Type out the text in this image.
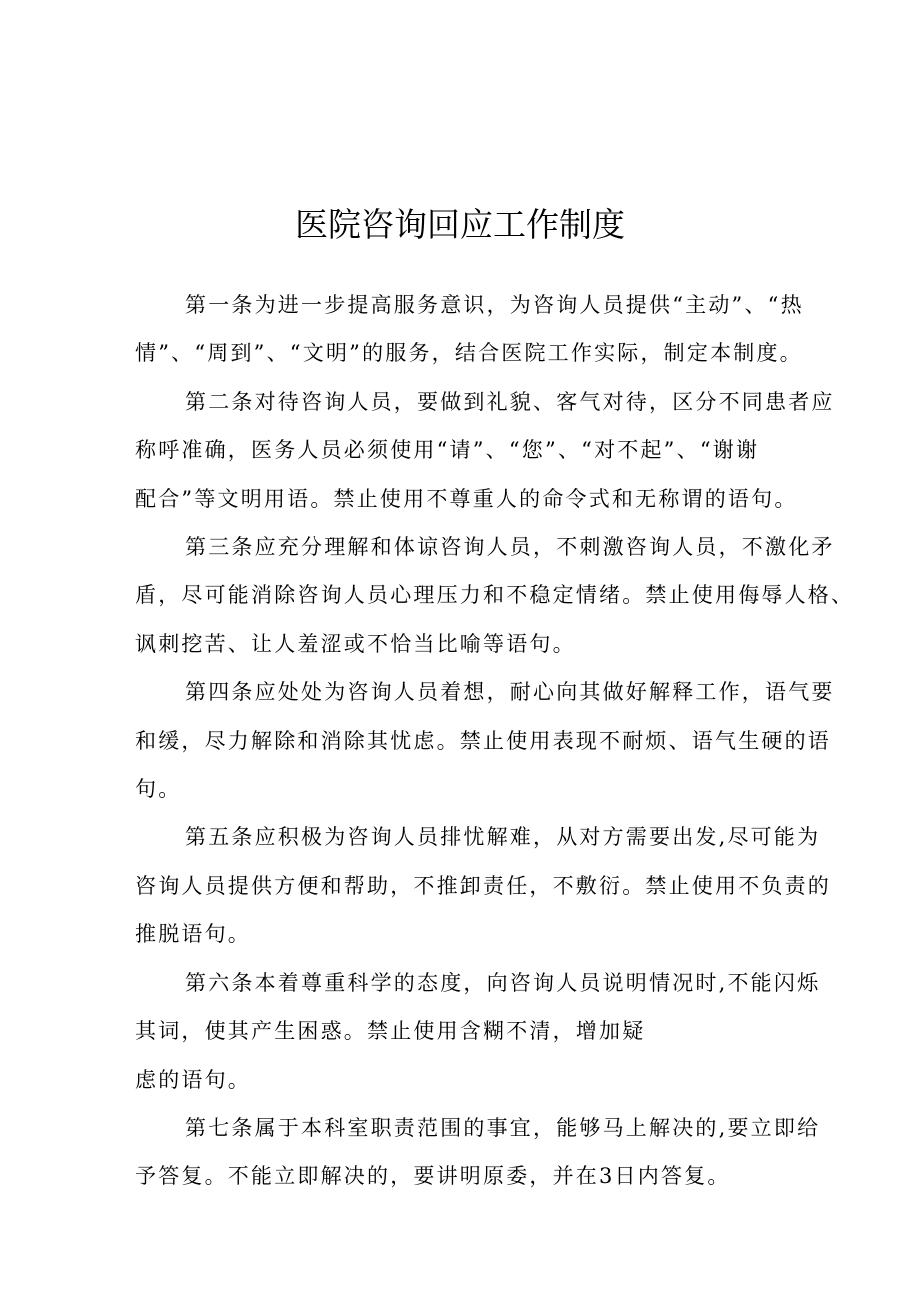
医院咨询回应工作制度

第一条为进一步提高服务意识，为咨询人员提供“主动”、“热
情”、“周到”、“文明”的服务，结合医院工作实际，制定本制度。

第二条对待咨询人员，要做到礼貌、客气对待，区分不同患者应
称呼准确，医务人员必须使用“请”、“您”、“对不起”、“谢谢
配合”等文明用语。禁止使用不尊重人的命令式和无称谓的语句。

第三条应充分理解和体谅咨询人员，不刺激咨询人员，不激化矛
盾，尽可能消除咨询人员心理压力和不稳定情绪。禁止使用侮辱人格、
讽刺挖苦、让人羞涩或不恰当比喻等语句。

第四条应处处为咨询人员着想，耐心向其做好解释工作，语气要
和缓，尽力解除和消除其忧虑。禁止使用表现不耐烦、语气生硬的语
句。

第五条应积极为咨询人员排忧解难，从对方需要出发,尽可能为
咨询人员提供方便和帮助，不推卸责任，不敷衍。禁止使用不负责的
推脱语句。

第六条本着尊重科学的态度，向咨询人员说明情况时,不能闪烁
其词，使其产生困惑。禁止使用含糊不清，增加疑
虑的语句。

第七条属于本科室职责范围的事宜，能够马上解决的,要立即给
予答复。不能立即解决的，要讲明原委，并在3日内答复。
